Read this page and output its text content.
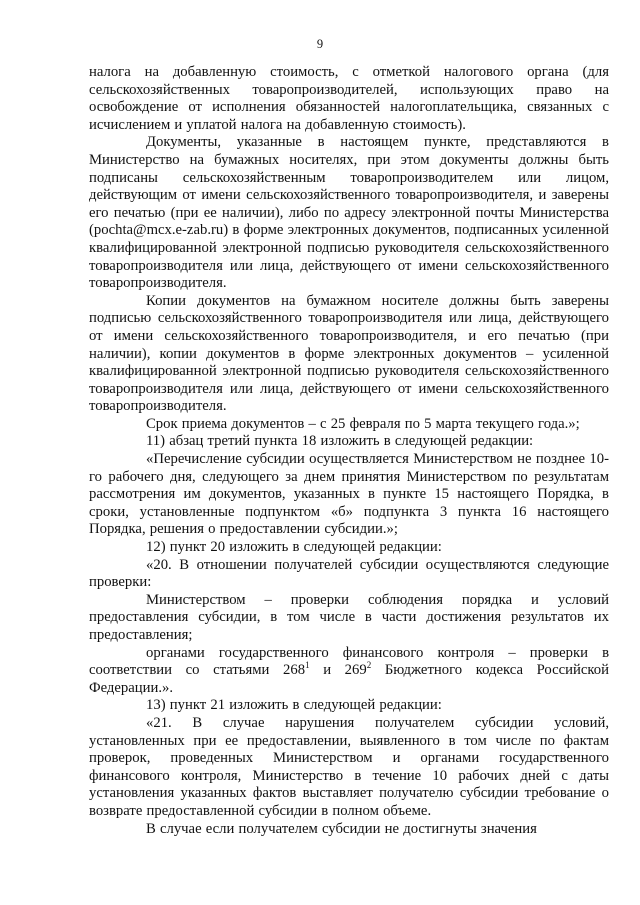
9

налога на добавленную стоимость, с отметкой налогового органа (для сельскохозяйственных товаропроизводителей, использующих право на освобождение от исполнения обязанностей налогоплательщика, связанных с исчислением и уплатой налога на добавленную стоимость).

Документы, указанные в настоящем пункте, представляются в Министерство на бумажных носителях, при этом документы должны быть подписаны сельскохозяйственным товаропроизводителем или лицом, действующим от имени сельскохозяйственного товаропроизводителя, и заверены его печатью (при ее наличии), либо по адресу электронной почты Министерства (pochta@mcx.e-zab.ru) в форме электронных документов, подписанных усиленной квалифицированной электронной подписью руководителя сельскохозяйственного товаропроизводителя или лица, действующего от имени сельскохозяйственного товаропроизводителя.

Копии документов на бумажном носителе должны быть заверены подписью сельскохозяйственного товаропроизводителя или лица, действующего от имени сельскохозяйственного товаропроизводителя, и его печатью (при наличии), копии документов в форме электронных документов – усиленной квалифицированной электронной подписью руководителя сельскохозяйственного товаропроизводителя или лица, действующего от имени сельскохозяйственного товаропроизводителя.

Срок приема документов – с 25 февраля по 5 марта текущего года.»;

11) абзац третий пункта 18 изложить в следующей редакции:

«Перечисление субсидии осуществляется Министерством не позднее 10-го рабочего дня, следующего за днем принятия Министерством по результатам рассмотрения им документов, указанных в пункте 15 настоящего Порядка, в сроки, установленные подпунктом «б» подпункта 3 пункта 16 настоящего Порядка, решения о предоставлении субсидии.»;

12) пункт 20 изложить в следующей редакции:

«20. В отношении получателей субсидии осуществляются следующие проверки:

Министерством – проверки соблюдения порядка и условий предоставления субсидии, в том числе в части достижения результатов их предоставления;

органами государственного финансового контроля – проверки в соответствии со статьями $268^1$ и $269^2$ Бюджетного кодекса Российской Федерации.».

13) пункт 21 изложить в следующей редакции:

«21. В случае нарушения получателем субсидии условий, установленных при ее предоставлении, выявленного в том числе по фактам проверок, проведенных Министерством и органами государственного финансового контроля, Министерство в течение 10 рабочих дней с даты установления указанных фактов выставляет получателю субсидии требование о возврате предоставленной субсидии в полном объеме.

В случае если получателем субсидии не достигнуты значения
